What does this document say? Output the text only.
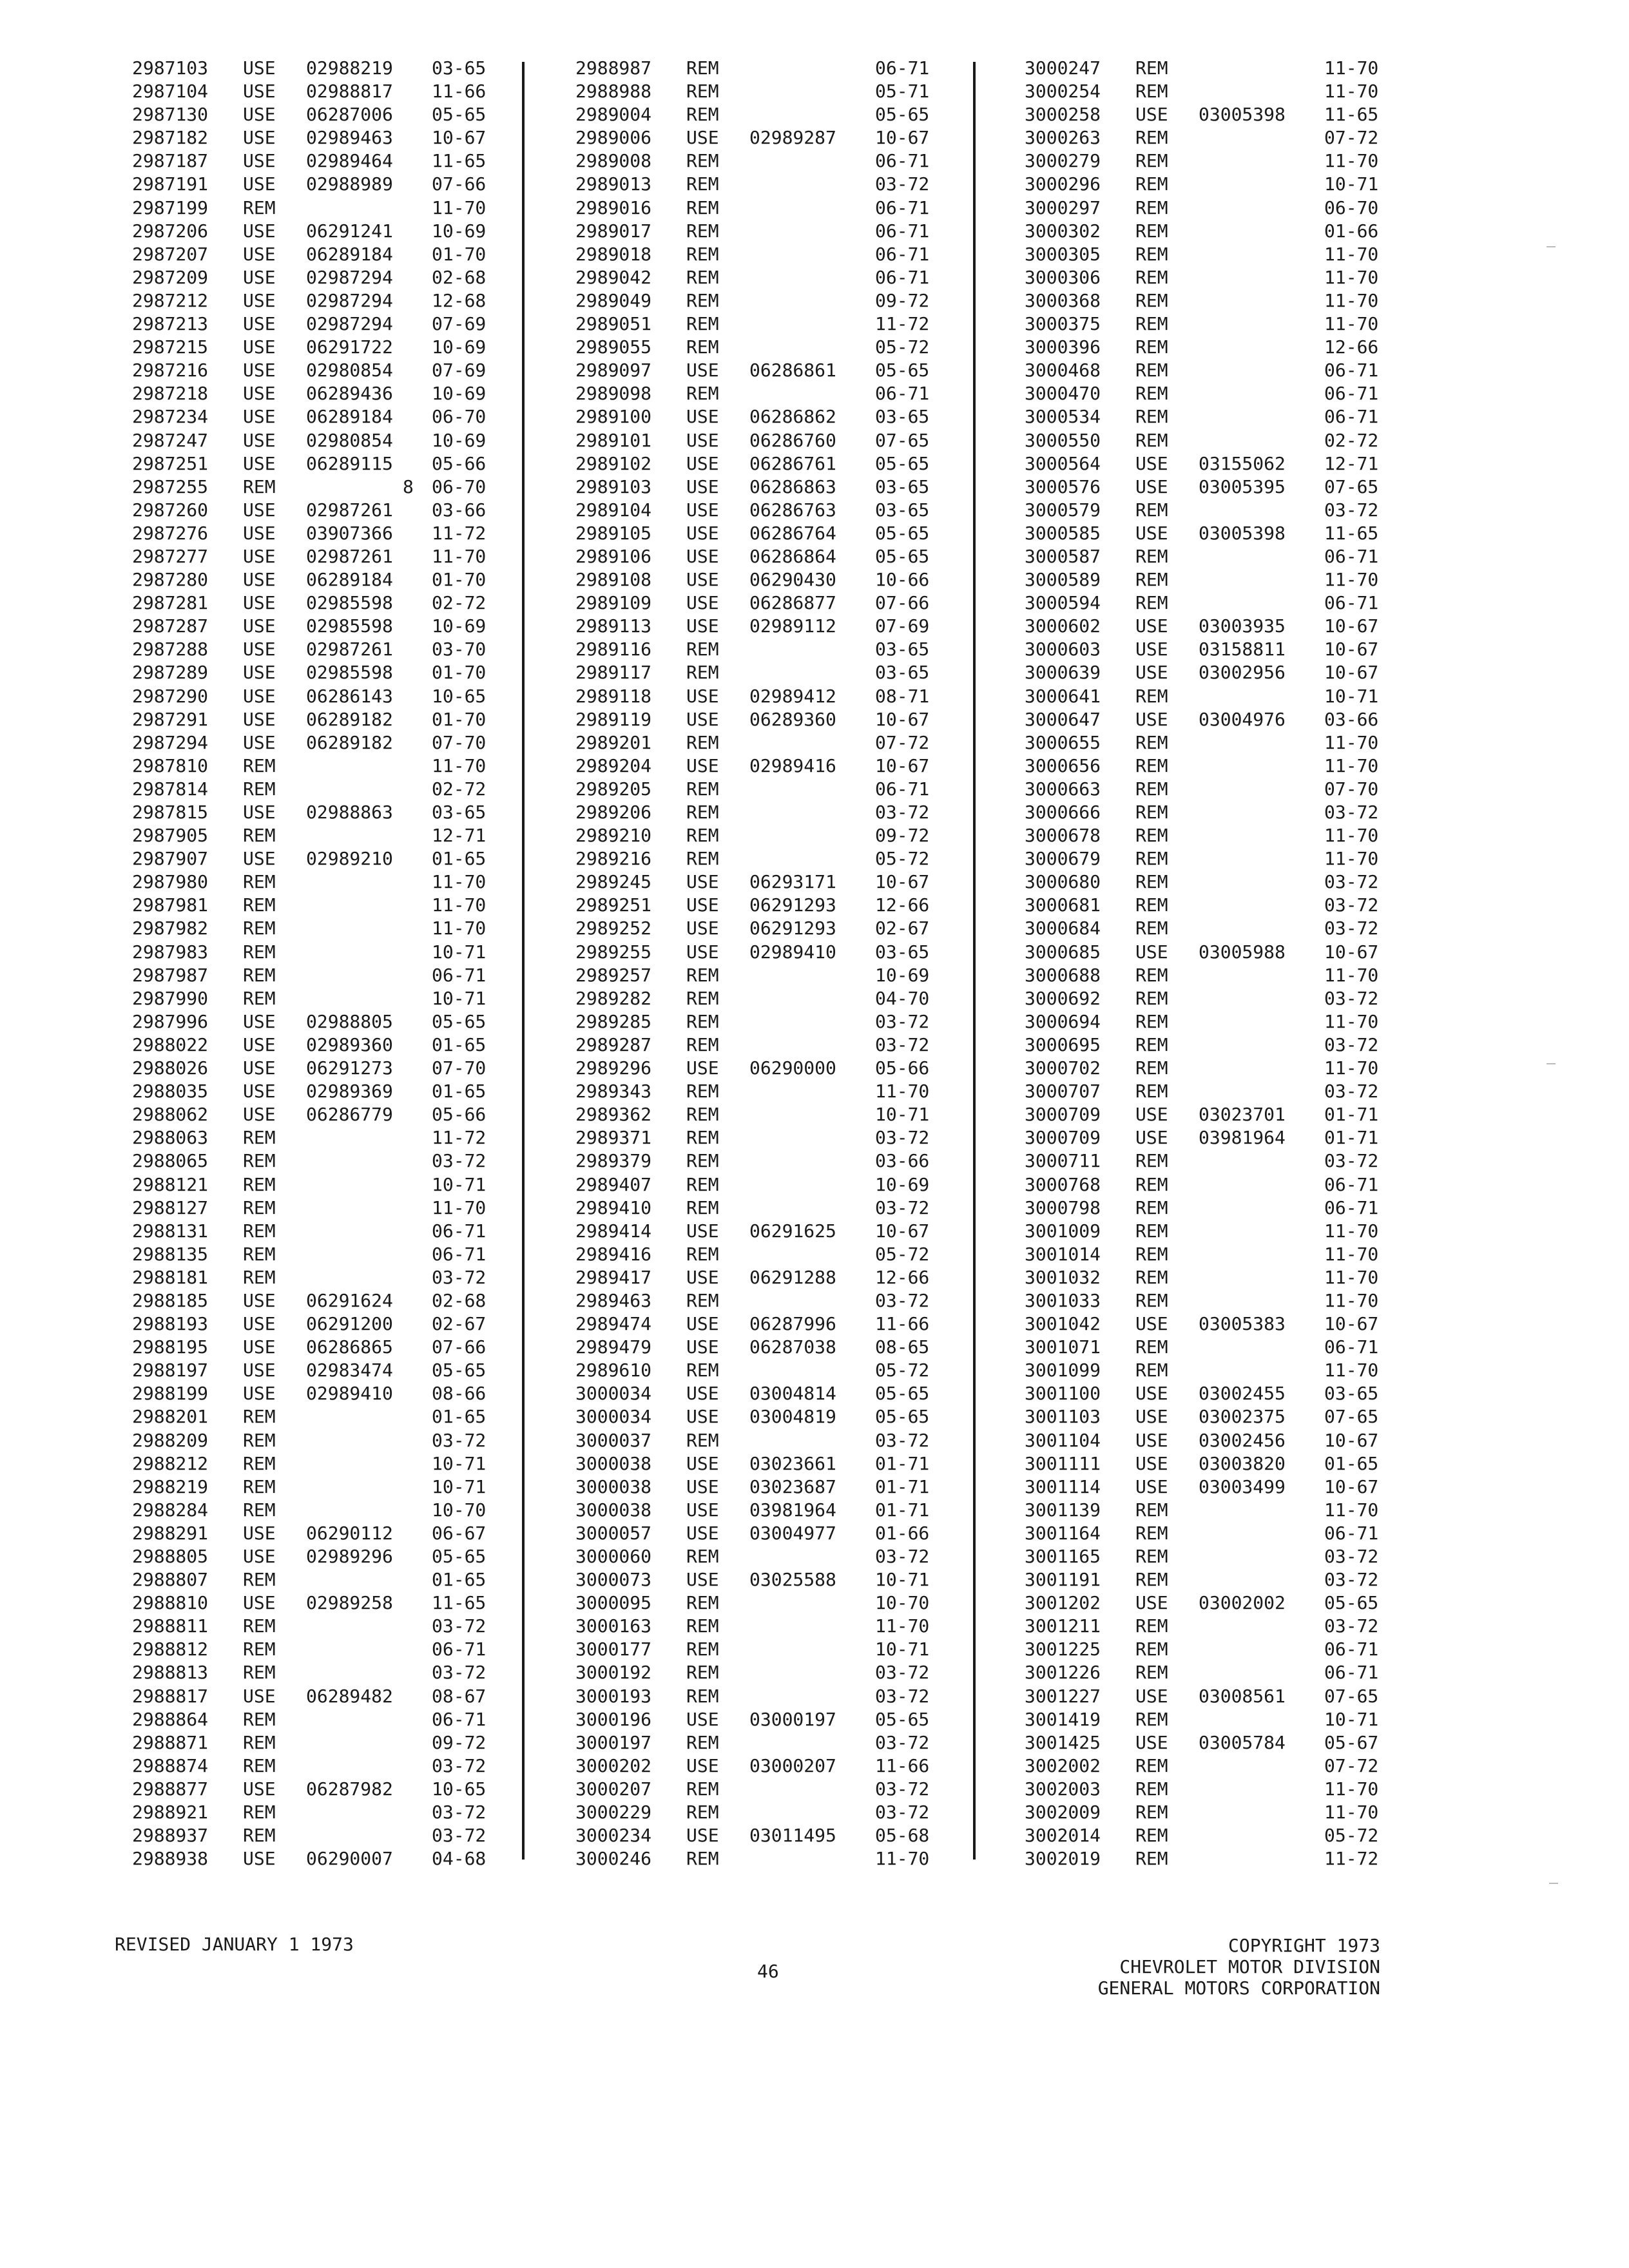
2987103 USE 02988219 03-65
2987104 USE 02988817 11-66
2987130 USE 06287006 05-65
2987182 USE 02989463 10-67
2987187 USE 02989464 11-65
2987191 USE 02988989 07-66
2987199 REM	11-70
2987206 USE 06291241 10-69
2987207 USE 06289184 01-70
2987209 USE 02987294 02-68
2987212 USE 02987294 12-68
2987213 USE 02987294 07-69
2987215 USE 06291722 10-69
2987216 USE 02980854 07-69
2987218 USE 06289436 10-69
2987234 USE 06289184 06-70
2987247 USE 02980854 10-69
2987251 USE 06289115 05-66
2987255 REM	8 06-70
2987260 USE 02987261 03-66
2987276 USE 03907366 11-72
2987277 USE 02987261 11-70
2987280 USE 06289184 01-70
2987281 USE 02985598 02-72
2987287 USE 02985598 10-69
2987288 USE 02987261 03-70
2987289 USE 02985598 01-70
2987290 USE 06286143 10-65
2987291 USE 06289182 01-70
2987294 USE 06289182 07-70
2987810 REM	11-70
2987814 REM	02-72
2987815 USE 02988863 03-65
2987905 REM	12-71
2987907 USE 02989210 01-65
2987980 REM	11-70
2987981 REM	11-70
2987982 REM	11-70
2987983 REM	10-71
2987987 REM	06-71
2987990 REM	10-71
2987996 USE 02988805 05-65
2988022 USE 02989360 01-65
2988026 USE 06291273 07-70
2988035 USE 02989369 01-65
2988062 USE 06286779 05-66
2988063 REM	11-72
2988065 REM	03-72
2988121 REM	10-71
2988127 REM	11-70
2988131 REM	06-71
2988135 REM	06-71
2988181 REM	03-72
2988185 USE 06291624 02-68
2988193 USE 06291200 02-67
2988195 USE 06286865 07-66
2988197 USE 02983474 05-65
2988199 USE 02989410 08-66
2988201 REM	01-65
2988209 REM	03-72
2988212 REM	10-71
2988219 REM	10-71
2988284 REM	10-70
2988291 USE 06290112 06-67
2988805 USE 02989296 05-65
2988807 REM	01-65
2988810 USE 02989258 11-65
2988811 REM	03-72
2988812 REM	06-71
2988813 REM	03-72
2988817 USE 06289482 08-67
2988864 REM	06-71
2988871 REM	09-72
2988874 REM	03-72
2988877 USE 06287982 10-65
2988921 REM	03-72
2988937 REM	03-72
2988938 USE 06290007 04-68
2988987 REM	06-71
2988988 REM	05-71
2989004 REM	05-65
2989006 USE 02989287 10-67
2989008 REM	06-71
2989013 REM	03-72
2989016 REM	06-71
2989017 REM	06-71
2989018 REM	06-71
2989042 REM	06-71
2989049 REM	09-72
2989051 REM	11-72
2989055 REM	05-72
2989097 USE 06286861 05-65
2989098 REM	06-71
2989100 USE 06286862 03-65
2989101 USE 06286760 07-65
2989102 USE 06286761 05-65
2989103 USE 06286863 03-65
2989104 USE 06286763 03-65
2989105 USE 06286764 05-65
2989106 USE 06286864 05-65
2989108 USE 06290430 10-66
2989109 USE 06286877 07-66
2989113 USE 02989112 07-69
2989116 REM	03-65
2989117 REM	03-65
2989118 USE 02989412 08-71
2989119 USE 06289360 10-67
2989201 REM	07-72
2989204 USE 02989416 10-67
2989205 REM	06-71
2989206 REM	03-72
2989210 REM	09-72
2989216 REM	05-72
2989245 USE 06293171 10-67
2989251 USE 06291293 12-66
2989252 USE 06291293 02-67
2989255 USE 02989410 03-65
2989257 REM	10-69
2989282 REM	04-70
2989285 REM	03-72
2989287 REM	03-72
2989296 USE 06290000 05-66
2989343 REM	11-70
2989362 REM	10-71
2989371 REM	03-72
2989379 REM	03-66
2989407 REM	10-69
2989410 REM	03-72
2989414 USE 06291625 10-67
2989416 REM	05-72
2989417 USE 06291288 12-66
2989463 REM	03-72
2989474 USE 06287996 11-66
2989479 USE 06287038 08-65
2989610 REM	05-72
3000034 USE 03004814 05-65
3000034 USE 03004819 05-65
3000037 REM	03-72
3000038 USE 03023661 01-71
3000038 USE 03023687 01-71
3000038 USE 03981964 01-71
3000057 USE 03004977 01-66
3000060 REM	03-72
3000073 USE 03025588 10-71
3000095 REM	10-70
3000163 REM	11-70
3000177 REM	10-71
3000192 REM	03-72
3000193 REM	03-72
3000196 USE 03000197 05-65
3000197 REM	03-72
3000202 USE 03000207 11-66
3000207 REM	03-72
3000229 REM	03-72
3000234 USE 03011495 05-68
3000246 REM	11-70
3000247 REM	11-70
3000254 REM	11-70
3000258 USE 03005398 11-65
3000263 REM	07-72
3000279 REM	11-70
3000296 REM	10-71
3000297 REM	06-70
3000302 REM	01-66
3000305 REM	11-70
3000306 REM	11-70
3000368 REM	11-70
3000375 REM	11-70
3000396 REM	12-66
3000468 REM	06-71
3000470 REM	06-71
3000534 REM	06-71
3000550 REM	02-72
3000564 USE 03155062 12-71
3000576 USE 03005395 07-65
3000579 REM	03-72
3000585 USE 03005398 11-65
3000587 REM	06-71
3000589 REM	11-70
3000594 REM	06-71
3000602 USE 03003935 10-67
3000603 USE 03158811 10-67
3000639 USE 03002956 10-67
3000641 REM	10-71
3000647 USE 03004976 03-66
3000655 REM	11-70
3000656 REM	11-70
3000663 REM	07-70
3000666 REM	03-72
3000678 REM	11-70
3000679 REM	11-70
3000680 REM	03-72
3000681 REM	03-72
3000684 REM	03-72
3000685 USE 03005988 10-67
3000688 REM	11-70
3000692 REM	03-72
3000694 REM	11-70
3000695 REM	03-72
3000702 REM	11-70
3000707 REM	03-72
3000709 USE 03023701 01-71
3000709 USE 03981964 01-71
3000711 REM	03-72
3000768 REM	06-71
3000798 REM	06-71
3001009 REM	11-70
3001014 REM	11-70
3001032 REM	11-70
3001033 REM	11-70
3001042 USE 03005383 10-67
3001071 REM	06-71
3001099 REM	11-70
3001100 USE 03002455 03-65
3001103 USE 03002375 07-65
3001104 USE 03002456 10-67
3001111 USE 03003820 01-65
3001114 USE 03003499 10-67
3001139 REM	11-70
3001164 REM	06-71
3001165 REM	03-72
3001191 REM	03-72
3001202 USE 03002002 05-65
3001211 REM	03-72
3001225 REM	06-71
3001226 REM	06-71
3001227 USE 03008561 07-65
3001419 REM	10-71
3001425 USE 03005784 05-67
3002002 REM	07-72
3002003 REM	11-70
3002009 REM	11-70
3002014 REM	05-72
3002019 REM	11-72
REVISED JANUARY 1 1973
46
COPYRIGHT 1973
CHEVROLET MOTOR DIVISION
GENERAL MOTORS CORPORATION
